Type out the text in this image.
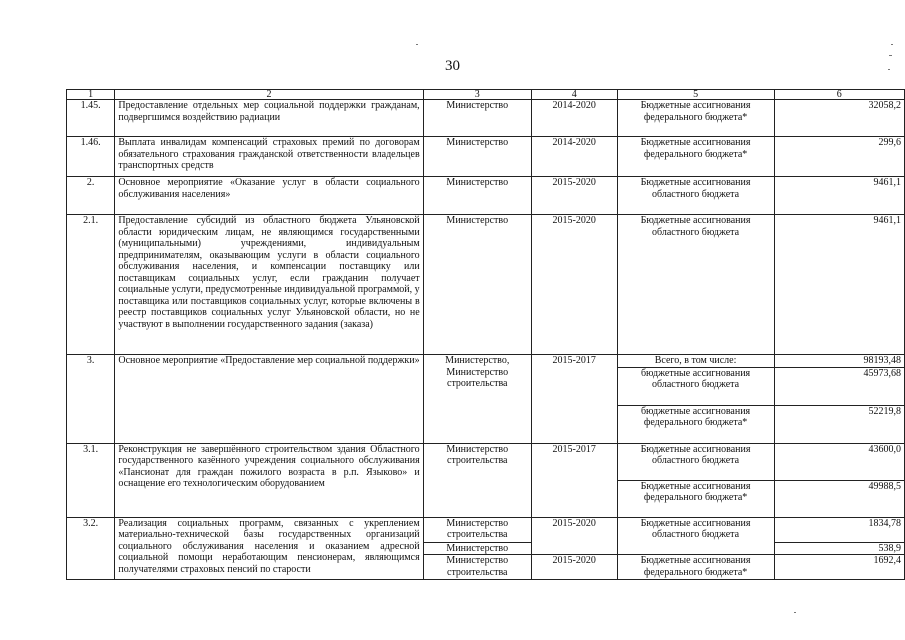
30
1	2	3	4	5	6
1.45.	Предоставление отдельных мер социальной поддержки гражданам, подвергшимся воздействию радиации	Министерство	2014-2020	Бюджетные ассигнования федерального бюджета*	32058,2
1.46.	Выплата инвалидам компенсаций страховых премий по договорам обязательного страхования гражданской ответственности владельцев транспортных средств	Министерство	2014-2020	Бюджетные ассигнования федерального бюджета*	299,6
2.	Основное мероприятие «Оказание услуг в области социального обслуживания населения»	Министерство	2015-2020	Бюджетные ассигнования областного бюджета	9461,1
2.1.	Предоставление субсидий из областного бюджета Ульяновской области юридическим лицам, не являющимся государственными (муниципальными) учреждениями, индивидуальным предпринимателям, оказывающим услуги в области социального обслуживания населения, и компенсации поставщику или поставщикам социальных услуг, если гражданин получает социальные услуги, предусмотренные индивидуальной программой, у поставщика или поставщиков социальных услуг, которые включены в реестр поставщиков социальных услуг Ульяновской области, но не участвуют в выполнении государственного задания (заказа)	Министерство	2015-2020	Бюджетные ассигнования областного бюджета	9461,1
3.	Основное мероприятие «Предоставление мер социальной поддержки»	Министерство, Министерство строительства	2015-2017	Всего, в том числе:	98193,48
				бюджетные ассигнования областного бюджета	45973,68
				бюджетные ассигнования федерального бюджета*	52219,8
3.1.	Реконструкция не завершённого строительством здания Областного государственного казённого учреждения социального обслуживания «Пансионат для граждан пожилого возраста в р.п. Языково» и оснащение его технологическим оборудованием	Министерство строительства	2015-2017	Бюджетные ассигнования областного бюджета	43600,0
				Бюджетные ассигнования федерального бюджета*	49988,5
3.2.	Реализация социальных программ, связанных с укреплением материально-технической базы государственных организаций социального обслуживания населения и оказанием адресной социальной помощи неработающим пенсионерам, являющимся получателями страховых пенсий по старости	Министерство строительства	2015-2020	Бюджетные ассигнования областного бюджета	1834,78
		Министерство			538,9
		Министерство строительства	2015-2020	Бюджетные ассигнования федерального бюджета*	1692,4
